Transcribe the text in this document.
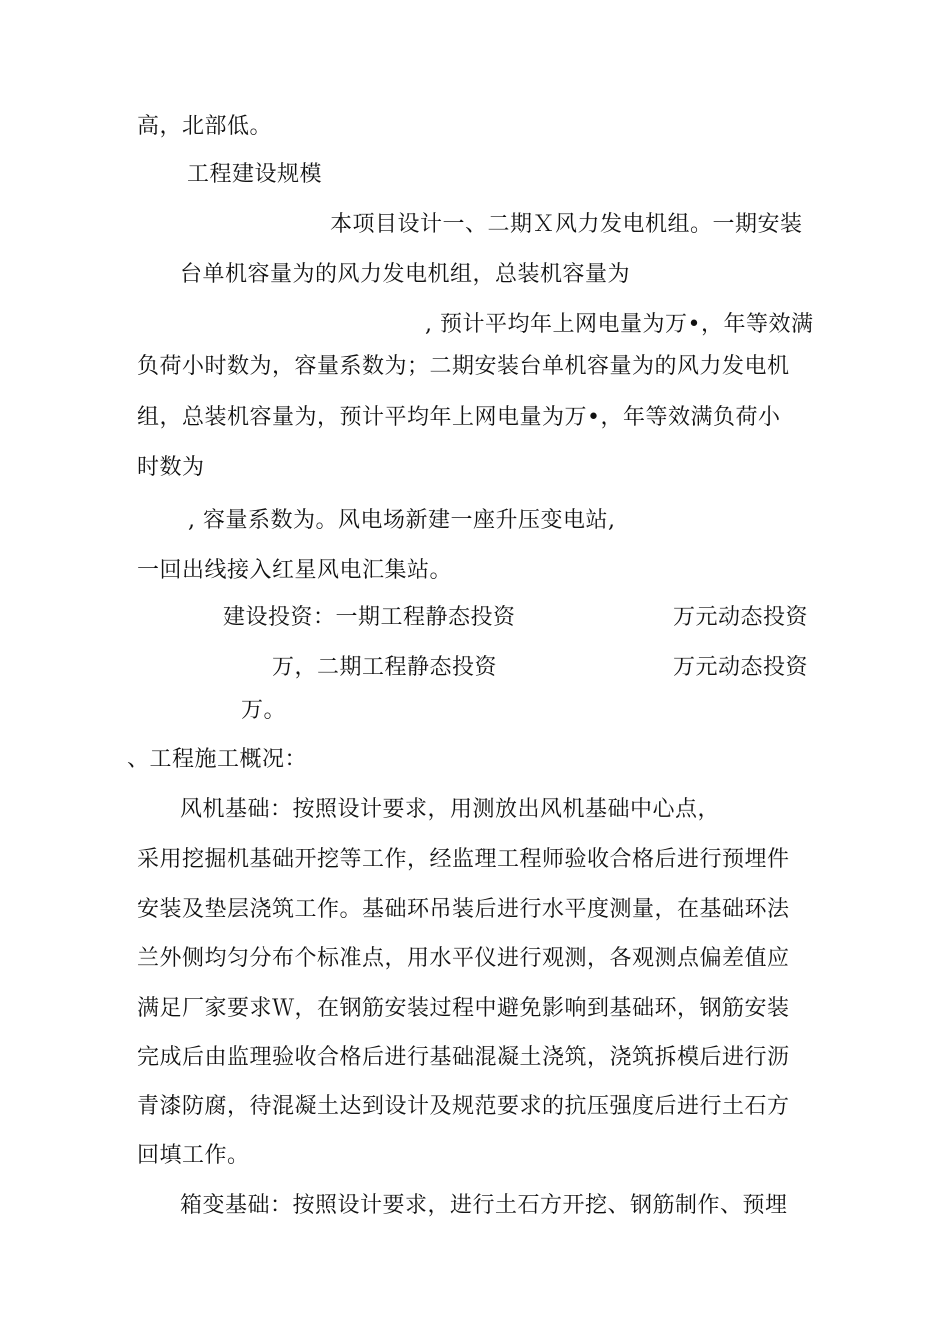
高，北部低。
工程建设规模
本项目设计一、二期Ｘ风力发电机组。一期安装
台单机容量为的风力发电机组，总装机容量为
, 预计平均年上网电量为万•，年等效满
负荷小时数为，容量系数为；二期安装台单机容量为的风力发电机
组，总装机容量为，预计平均年上网电量为万•，年等效满负荷小
时数为
, 容量系数为。风电场新建一座升压变电站,
一回出线接入红星风电汇集站。
建设投资：一期工程静态投资	万元动态投资
万，二期工程静态投资	万元动态投资
万。
、工程施工概况：
风机基础：按照设计要求，用测放出风机基础中心点，
采用挖掘机基础开挖等工作，经监理工程师验收合格后进行预埋件
安装及垫层浇筑工作。基础环吊装后进行水平度测量，在基础环法
兰外侧均匀分布个标准点，用水平仪进行观测，各观测点偏差值应
满足厂家要求Ｗ，在钢筋安装过程中避免影响到基础环，钢筋安装
完成后由监理验收合格后进行基础混凝土浇筑，浇筑拆模后进行沥
青漆防腐，待混凝土达到设计及规范要求的抗压强度后进行土石方
回填工作。
箱变基础：按照设计要求，进行土石方开挖、钢筋制作、预埋
